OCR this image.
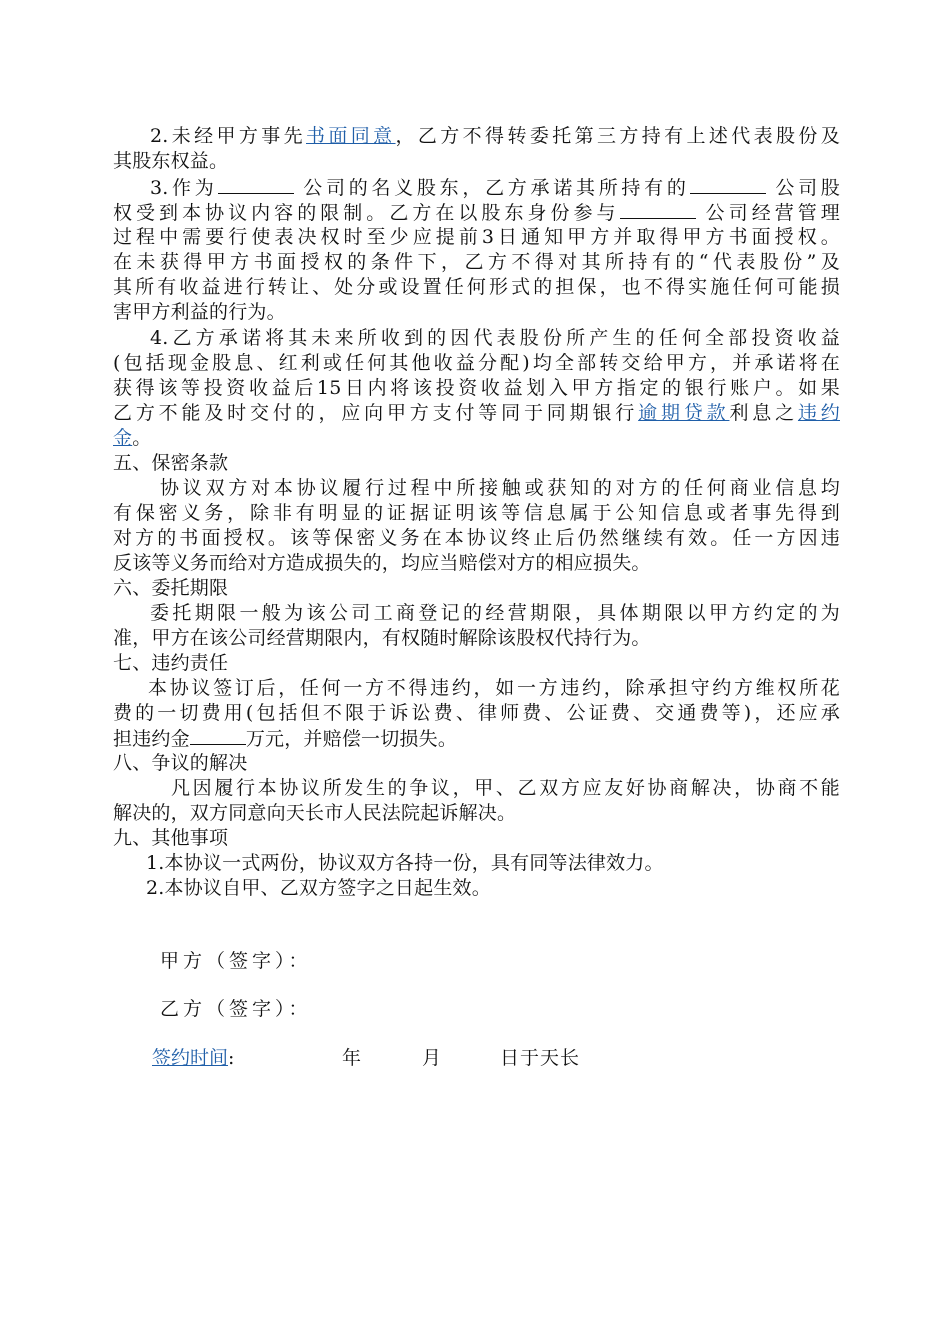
2.未经甲方事先书面同意，乙方不得转委托第三方持有上述代表股份及
其股东权益。
3.作为	公司的名义股东，乙方承诺其所持有的	公司股
权受到本协议内容的限制。乙方在以股东身份参与	公司经营管理
过程中需要行使表决权时至少应提前3日通知甲方并取得甲方书面授权。
在未获得甲方书面授权的条件下，乙方不得对其所持有的“代表股份”及
其所有收益进行转让、处分或设置任何形式的担保，也不得实施任何可能损
害甲方利益的行为。
4.乙方承诺将其未来所收到的因代表股份所产生的任何全部投资收益
(包括现金股息、红利或任何其他收益分配)均全部转交给甲方，并承诺将在
获得该等投资收益后15日内将该投资收益划入甲方指定的银行账户。如果
乙方不能及时交付的，应向甲方支付等同于同期银行逾期贷款利息之违约
金。
五、保密条款
协议双方对本协议履行过程中所接触或获知的对方的任何商业信息均
有保密义务，除非有明显的证据证明该等信息属于公知信息或者事先得到
对方的书面授权。该等保密义务在本协议终止后仍然继续有效。任一方因违
反该等义务而给对方造成损失的，均应当赔偿对方的相应损失。
六、委托期限
委托期限一般为该公司工商登记的经营期限，具体期限以甲方约定的为
准，甲方在该公司经营期限内，有权随时解除该股权代持行为。
七、违约责任
本协议签订后，任何一方不得违约，如一方违约，除承担守约方维权所花
费的一切费用(包括但不限于诉讼费、律师费、公证费、交通费等)，还应承
担违约金	万元，并赔偿一切损失。
八、争议的解决
凡因履行本协议所发生的争议，甲、乙双方应友好协商解决，协商不能
解决的，双方同意向天长市人民法院起诉解决。
九、其他事项
1.本协议一式两份，协议双方各持一份，具有同等法律效力。
2.本协议自甲、乙双方签字之日起生效。
甲方（签字）：
乙方（签字）：
签约时间:	年	月	日于天长
